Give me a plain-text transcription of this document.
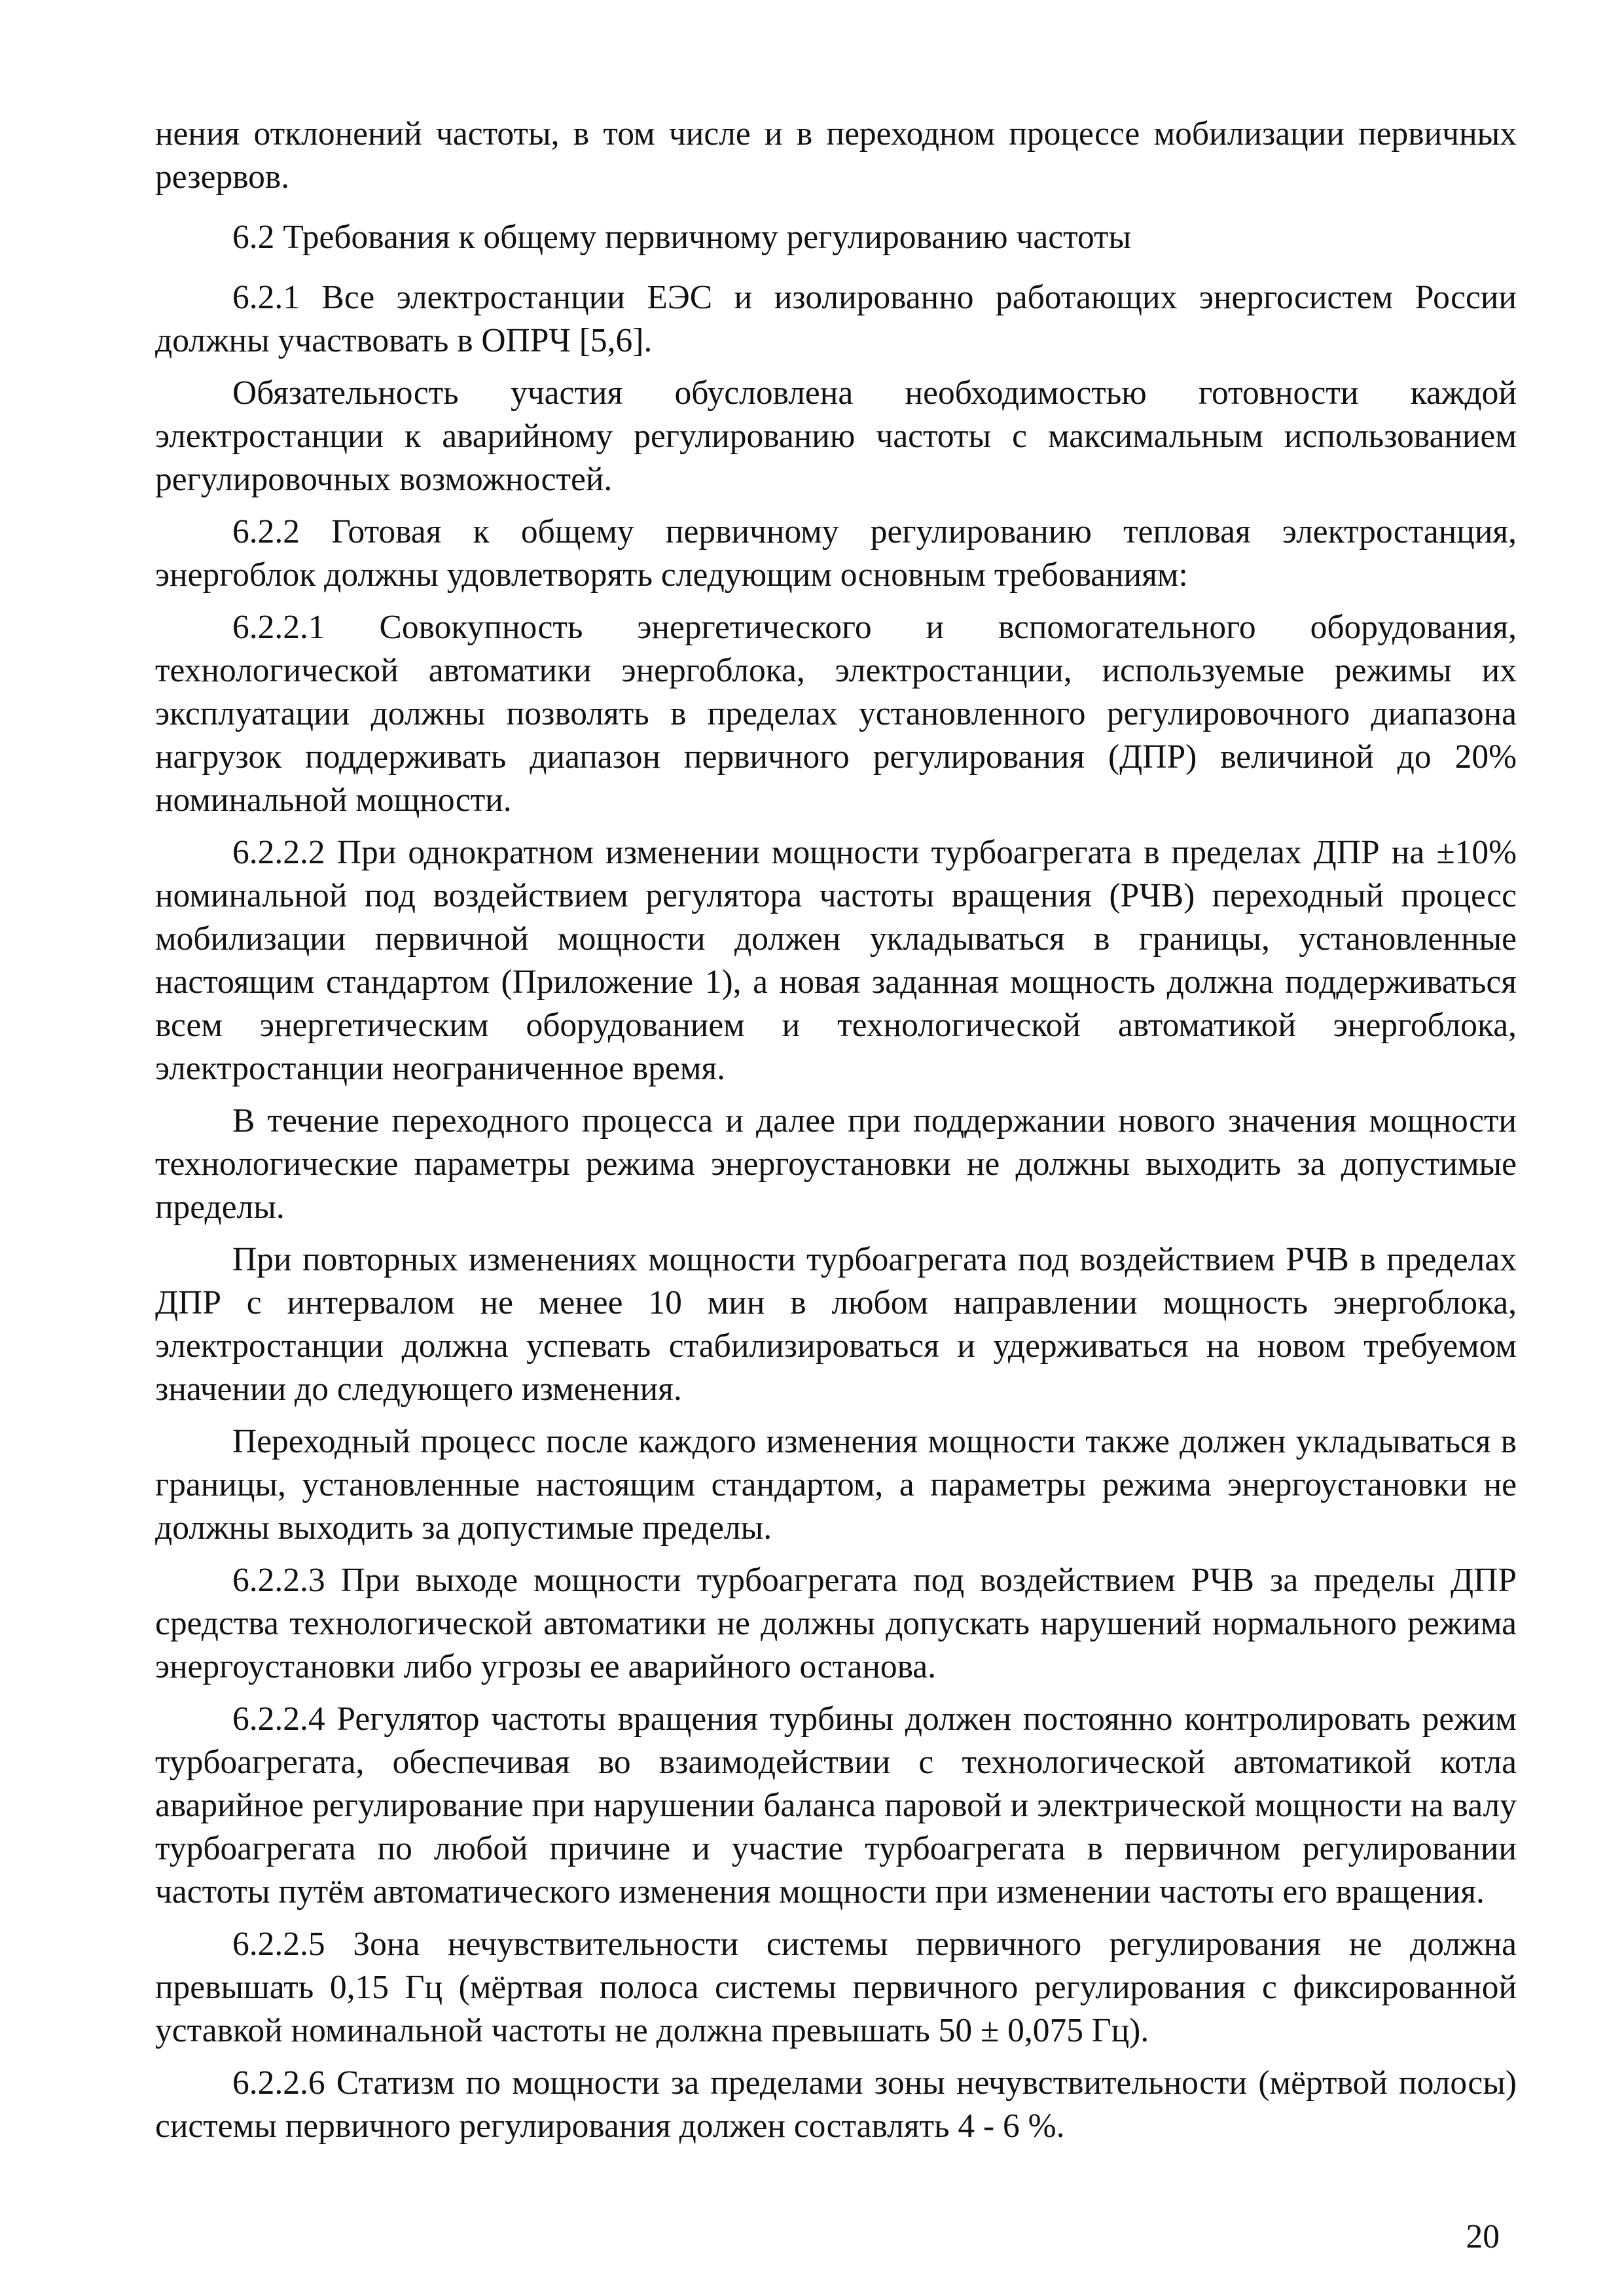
нения отклонений частоты, в том числе и в переходном процессе мобилизации первичных резервов.

6.2 Требования к общему первичному регулированию частоты

6.2.1 Все электростанции ЕЭС и изолированно работающих энергосистем России должны участвовать в ОПРЧ [5,6].

Обязательность участия обусловлена необходимостью готовности каждой электростанции к аварийному регулированию частоты с максимальным использованием регулировочных возможностей.

6.2.2 Готовая к общему первичному регулированию тепловая электростанция, энергоблок должны удовлетворять следующим основным требованиям:

6.2.2.1 Совокупность энергетического и вспомогательного оборудования, технологической автоматики энергоблока, электростанции, используемые режимы их эксплуатации должны позволять в пределах установленного регулировочного диапазона нагрузок поддерживать диапазон первичного регулирования (ДПР) величиной до 20% номинальной мощности.

6.2.2.2 При однократном изменении мощности турбоагрегата в пределах ДПР на ±10% номинальной под воздействием регулятора частоты вращения (РЧВ) переходный процесс мобилизации первичной мощности должен укладываться в границы, установленные настоящим стандартом (Приложение 1), а новая заданная мощность должна поддерживаться всем энергетическим оборудованием и технологической автоматикой энергоблока, электростанции неограниченное время.

В течение переходного процесса и далее при поддержании нового значения мощности технологические параметры режима энергоустановки не должны выходить за допустимые пределы.

При повторных изменениях мощности турбоагрегата под воздействием РЧВ в пределах ДПР с интервалом не менее 10 мин в любом направлении мощность энергоблока, электростанции должна успевать стабилизироваться и удерживаться на новом требуемом значении до следующего изменения.

Переходный процесс после каждого изменения мощности также должен укладываться в границы, установленные настоящим стандартом, а параметры режима энергоустановки не должны выходить за допустимые пределы.

6.2.2.3 При выходе мощности турбоагрегата под воздействием РЧВ за пределы ДПР средства технологической автоматики не должны допускать нарушений нормального режима энергоустановки либо угрозы ее аварийного останова.

6.2.2.4 Регулятор частоты вращения турбины должен постоянно контролировать режим турбоагрегата, обеспечивая во взаимодействии с технологической автоматикой котла аварийное регулирование при нарушении баланса паровой и электрической мощности на валу турбоагрегата по любой причине и участие турбоагрегата в первичном регулировании частоты путём автоматического изменения мощности при изменении частоты его вращения.

6.2.2.5 Зона нечувствительности системы первичного регулирования не должна превышать 0,15 Гц (мёртвая полоса системы первичного регулирования с фиксированной уставкой номинальной частоты не должна превышать 50 ± 0,075 Гц).

6.2.2.6 Статизм по мощности за пределами зоны нечувствительности (мёртвой полосы) системы первичного регулирования должен составлять 4 - 6 %.

20
